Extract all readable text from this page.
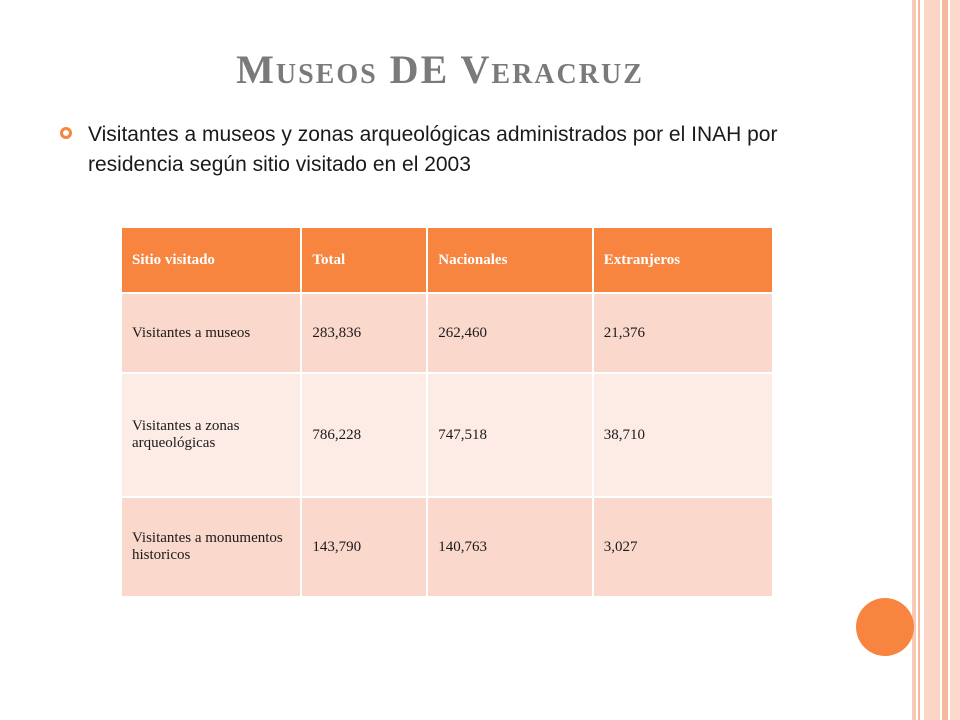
Museos DE Veracruz
Visitantes a museos y zonas arqueológicas administrados por el INAH por residencia según sitio visitado en el 2003
Sitio visitado	Total	Nacionales	Extranjeros
Visitantes a museos	283,836	262,460	21,376
Visitantes a zonas arqueológicas	786,228	747,518	38,710
Visitantes a monumentos historicos	143,790	140,763	3,027
